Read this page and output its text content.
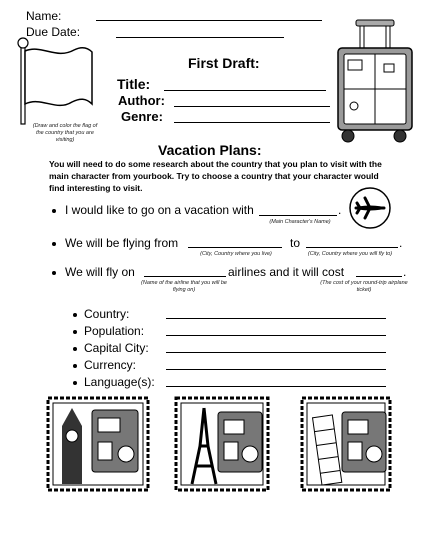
Name:
Due Date:
(Draw and color the flag of the country that you are visiting)
First Draft:
Title:
Author:
Genre:
Vacation Plans:
You will need to do some research about the country that you plan to visit with the main character from yourbook. Try to choose a country that your character would find interesting to visit.
I would like to go on a vacation with	.
(Main Character's Name)
We will be flying from	to	.
(City, Country where you live)	(City, Country where you will fly to)
We will fly on	airlines and it will cost	.
(Name of the airline that you will be flying on)
(The cost of your round-trip airplane ticket)
Country:
Population:
Capital City:
Currency:
Language(s):
